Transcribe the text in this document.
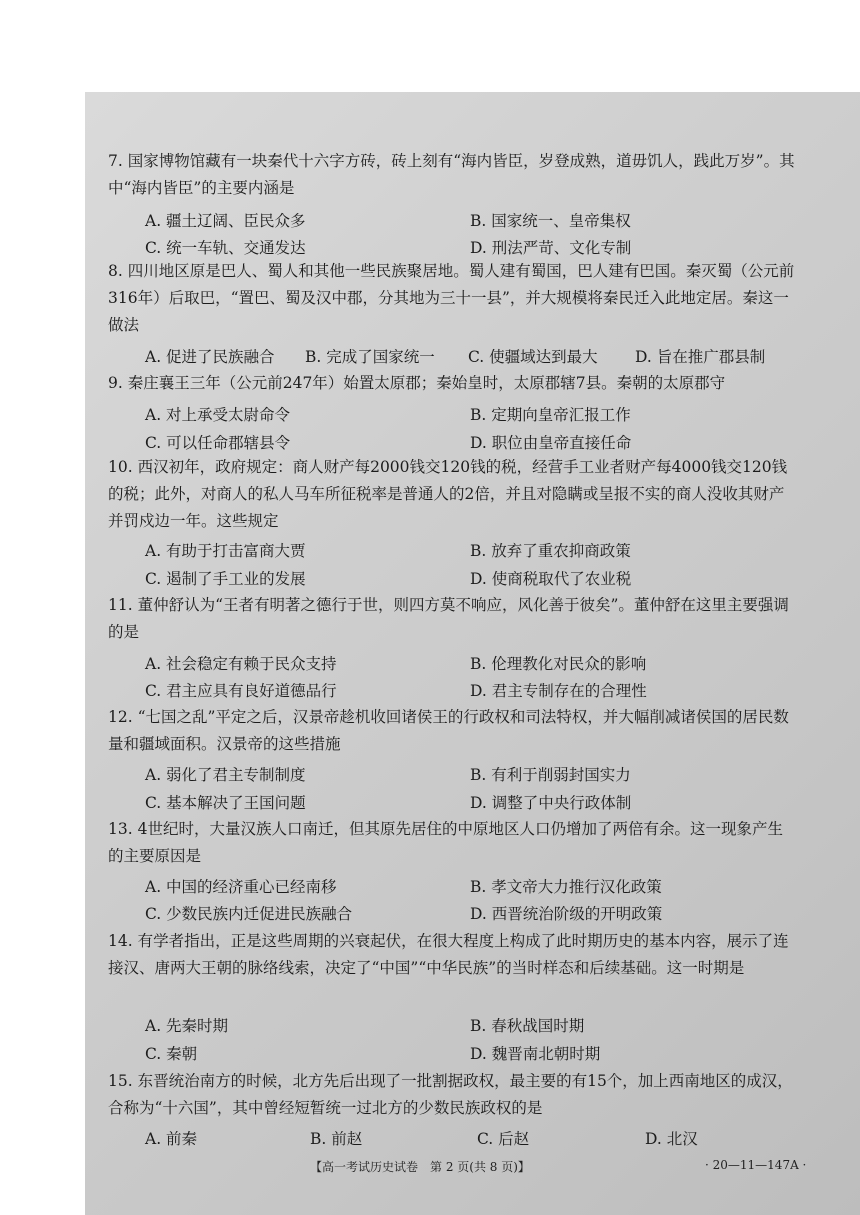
7. 国家博物馆藏有一块秦代十六字方砖，砖上刻有“海内皆臣，岁登成熟，道毋饥人，践此万岁”。其中“海内皆臣”的主要内涵是

A. 疆土辽阔、臣民众多	B. 国家统一、皇帝集权
C. 统一车轨、交通发达	D. 刑法严苛、文化专制

8. 四川地区原是巴人、蜀人和其他一些民族聚居地。蜀人建有蜀国，巴人建有巴国。秦灭蜀（公元前316年）后取巴，“置巴、蜀及汉中郡，分其地为三十一县”，并大规模将秦民迁入此地定居。秦这一做法

A. 促进了民族融合 B. 完成了国家统一 C. 使疆域达到最大 D. 旨在推广郡县制

9. 秦庄襄王三年（公元前247年）始置太原郡；秦始皇时，太原郡辖7县。秦朝的太原郡守

A. 对上承受太尉命令	B. 定期向皇帝汇报工作
C. 可以任命郡辖县令	D. 职位由皇帝直接任命

10. 西汉初年，政府规定：商人财产每2000钱交120钱的税，经营手工业者财产每4000钱交120钱的税；此外，对商人的私人马车所征税率是普通人的2倍，并且对隐瞒或呈报不实的商人没收其财产并罚戍边一年。这些规定

A. 有助于打击富商大贾	B. 放弃了重农抑商政策
C. 遏制了手工业的发展	D. 使商税取代了农业税

11. 董仲舒认为“王者有明著之德行于世，则四方莫不响应，风化善于彼矣”。董仲舒在这里主要强调的是

A. 社会稳定有赖于民众支持	B. 伦理教化对民众的影响
C. 君主应具有良好道德品行	D. 君主专制存在的合理性

12. “七国之乱”平定之后，汉景帝趁机收回诸侯王的行政权和司法特权，并大幅削减诸侯国的居民数量和疆域面积。汉景帝的这些措施

A. 弱化了君主专制制度	B. 有利于削弱封国实力
C. 基本解决了王国问题	D. 调整了中央行政体制

13. 4世纪时，大量汉族人口南迁，但其原先居住的中原地区人口仍增加了两倍有余。这一现象产生的主要原因是

A. 中国的经济重心已经南移	B. 孝文帝大力推行汉化政策
C. 少数民族内迁促进民族融合	D. 西晋统治阶级的开明政策

14. 有学者指出，正是这些周期的兴衰起伏，在很大程度上构成了此时期历史的基本内容，展示了连接汉、唐两大王朝的脉络线索，决定了“中国”“中华民族”的当时样态和后续基础。这一时期是

A. 先秦时期	B. 春秋战国时期
C. 秦朝	D. 魏晋南北朝时期

15. 东晋统治南方的时候，北方先后出现了一批割据政权，最主要的有15个，加上西南地区的成汉，合称为“十六国”，其中曾经短暂统一过北方的少数民族政权的是

A. 前秦	B. 前赵	C. 后赵	D. 北汉
【高一考试历史试卷　第 2 页(共 8 页)】	· 20—11—147A ·
